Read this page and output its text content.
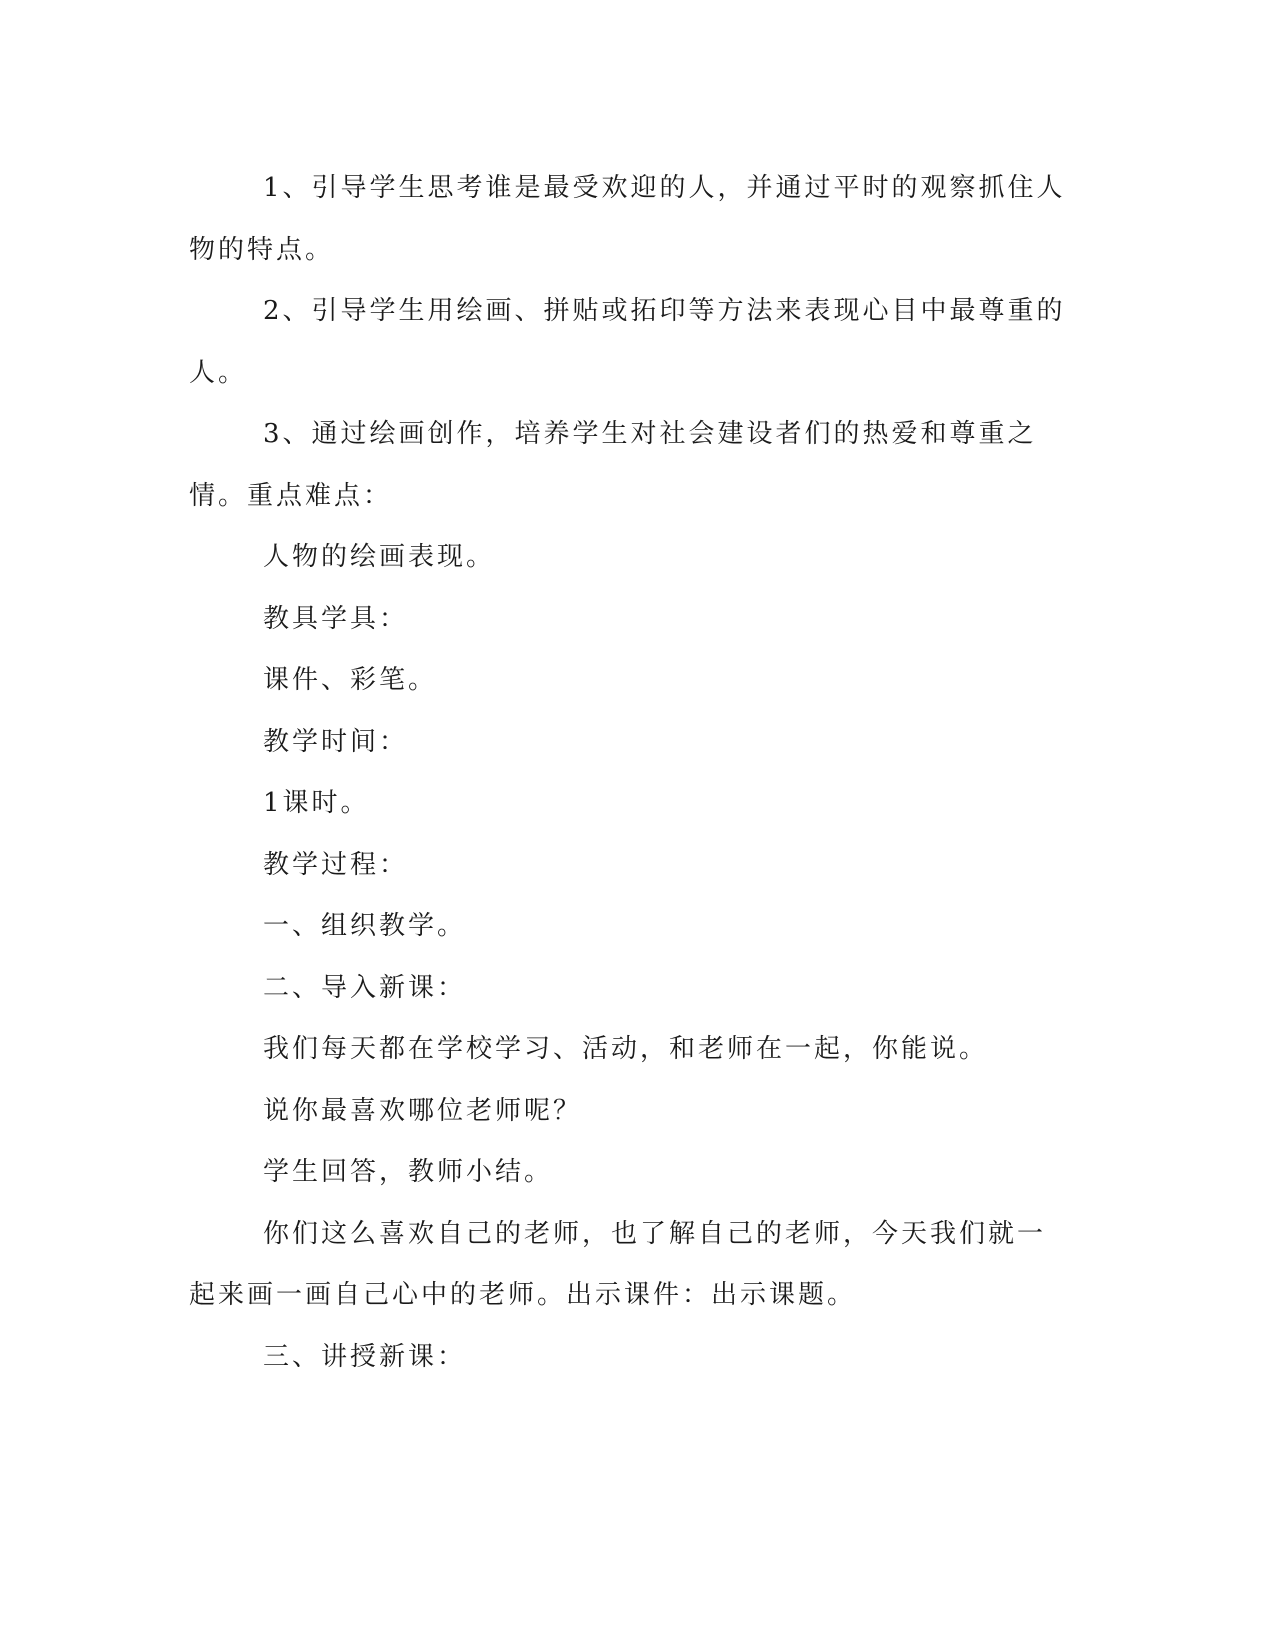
1、引导学生思考谁是最受欢迎的人，并通过平时的观察抓住人物的特点。

2、引导学生用绘画、拼贴或拓印等方法来表现心目中最尊重的人。

3、通过绘画创作，培养学生对社会建设者们的热爱和尊重之情。重点难点：

人物的绘画表现。

教具学具：

课件、彩笔。

教学时间：

1课时。

教学过程：

一、组织教学。

二、导入新课：

我们每天都在学校学习、活动，和老师在一起，你能说。

说你最喜欢哪位老师呢？

学生回答，教师小结。

你们这么喜欢自己的老师，也了解自己的老师，今天我们就一起来画一画自己心中的老师。出示课件：出示课题。

三、讲授新课：
